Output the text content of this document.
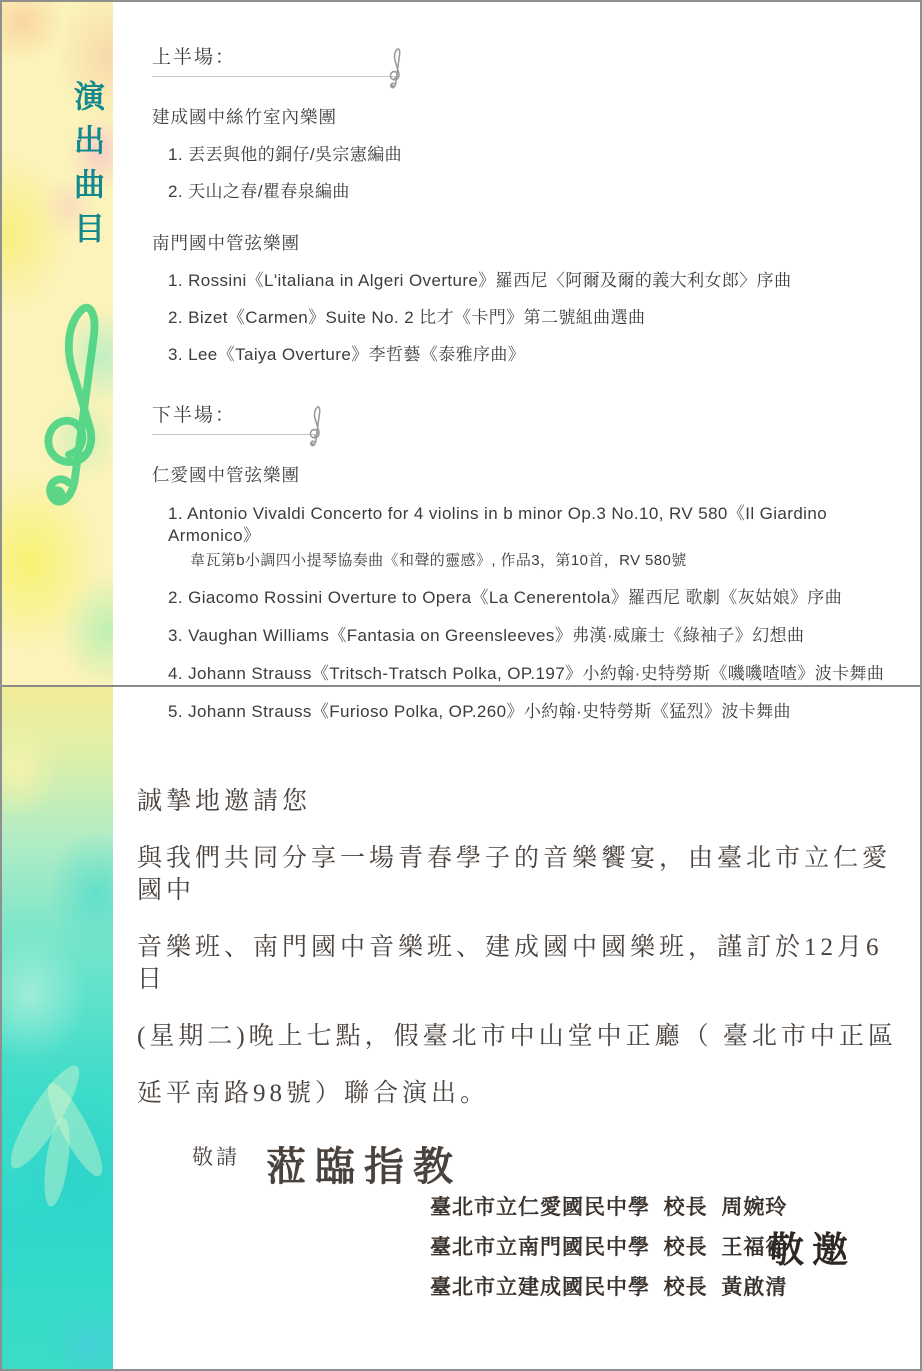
演出曲目
上半場：
建成國中絲竹室內樂團
1. 丟丟與他的銅仔/吳宗憲編曲
2. 天山之春/瞿春泉編曲
南門國中管弦樂團
1. Rossini《L'italiana in Algeri Overture》羅西尼〈阿爾及爾的義大利女郎〉序曲
2. Bizet《Carmen》Suite No. 2 比才《卡門》第二號組曲選曲
3. Lee《Taiya Overture》李哲藝《泰雅序曲》
下半場：
仁愛國中管弦樂團
1. Antonio Vivaldi Concerto for 4 violins in b minor Op.3 No.10, RV 580《Il Giardino Armonico》
韋瓦第b小調四小提琴協奏曲《和聲的靈感》, 作品3，第10首，RV 580號
2. Giacomo Rossini Overture to Opera《La Cenerentola》羅西尼 歌劇《灰姑娘》序曲
3. Vaughan Williams《Fantasia on Greensleeves》弗漢·威廉士《綠袖子》幻想曲
4. Johann Strauss《Tritsch-Tratsch Polka, OP.197》小約翰·史特勞斯《嘰嘰喳喳》波卡舞曲
5. Johann Strauss《Furioso Polka, OP.260》小約翰·史特勞斯《猛烈》波卡舞曲
誠摯地邀請您
與我們共同分享一場青春學子的音樂饗宴，由臺北市立仁愛國中
音樂班、南門國中音樂班、建成國中國樂班，謹訂於12月6日
(星期二)晚上七點，假臺北市中山堂中正廳（ 臺北市中正區
延平南路98號）聯合演出。
敬請 蒞臨指教
臺北市立仁愛國民中學  校長  周婉玲
臺北市立南門國民中學  校長  王福從
臺北市立建成國民中學  校長  黃啟清
敬邀
